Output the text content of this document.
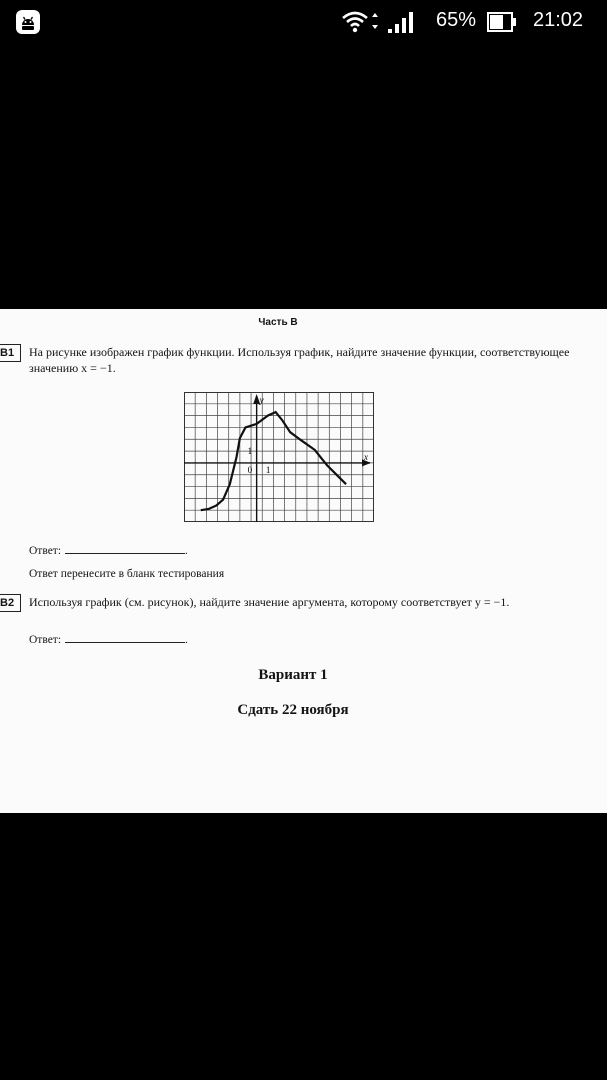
65%	21:02
Часть В
В1	На рисунке изображен график функции. Используя график, найдите значение функции, соответствующее значению x = −1.
x
y
0 1
1
Ответ:	.
Ответ перенесите в бланк тестирования
В2	Используя график (см. рисунок), найдите значение аргумента, которому соответствует y = −1.
Ответ:	.
Вариант 1
Сдать 22 ноября
